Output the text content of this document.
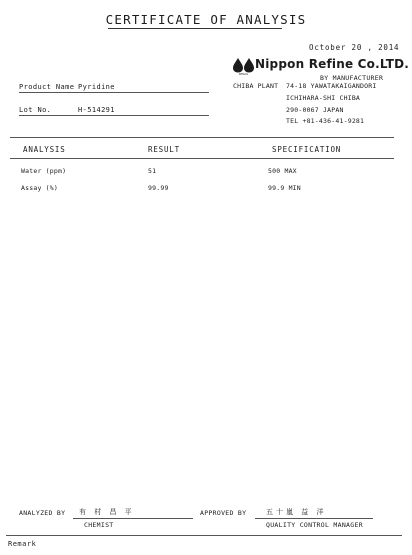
CERTIFICATE OF ANALYSIS
October 20 , 2014
KEMAG
Nippon Refine Co.LTD.
BY MANUFACTURER
CHIBA PLANT 74-18 YAWATAKAIGANDORI
ICHIHARA-SHI CHIBA
290-0067 JAPAN
TEL +81-436-41-9281
Product Name Pyridine
Lot No.	H-514291
ANALYSIS	RESULT	SPECIFICATION
Water (ppm)	51	500 MAX
Assay (%)	99.99	99.9 MIN
ANALYZED BY 有 村 昌 平
CHEMIST
APPROVED BY	五十嵐 益 洋
QUALITY CONTROL MANAGER
Remark
